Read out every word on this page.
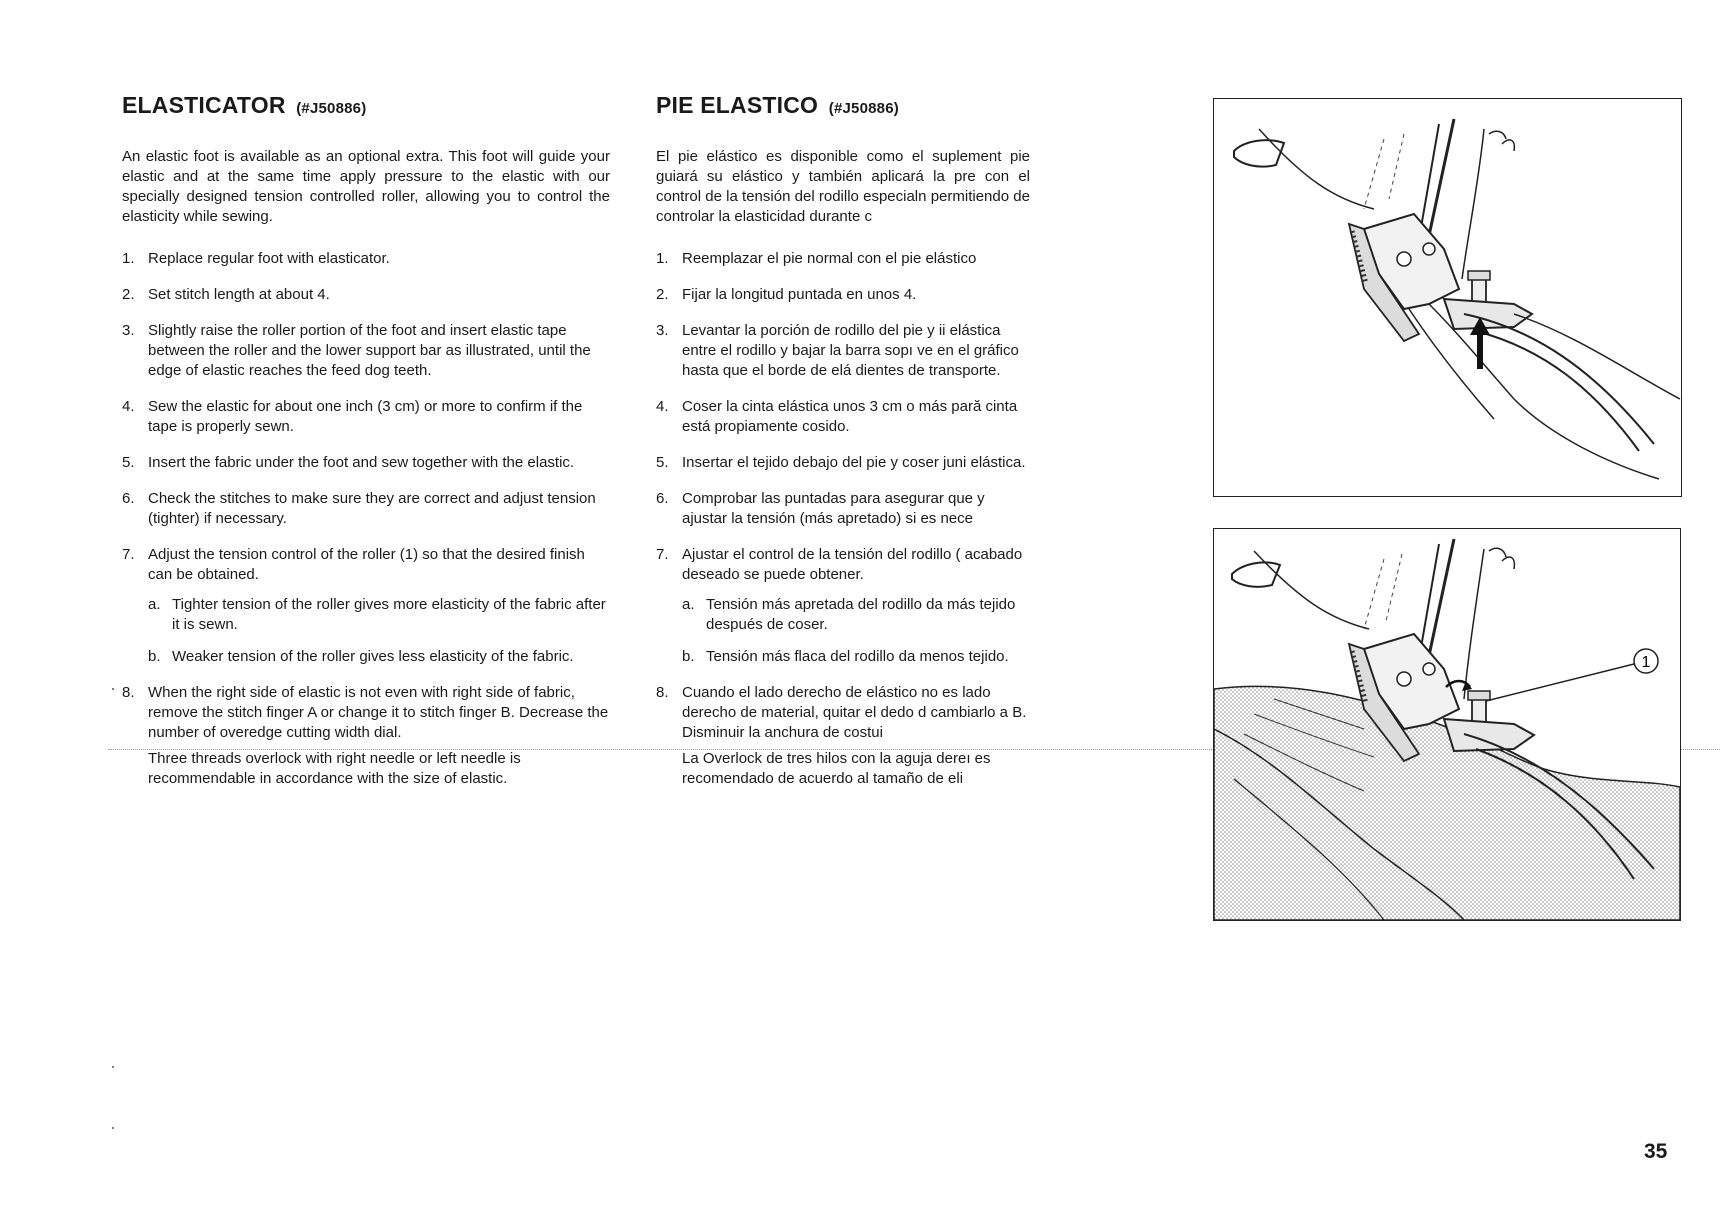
ELASTICATOR (#J50886)

An elastic foot is available as an optional extra. This foot will guide your elastic and at the same time apply pressure to the elastic with our specially designed tension controlled roller, allowing you to control the elasticity while sewing.

1. Replace regular foot with elasticator.
2. Set stitch length at about 4.
3. Slightly raise the roller portion of the foot and insert elastic tape between the roller and the lower support bar as illustrated, until the edge of elastic reaches the feed dog teeth.
4. Sew the elastic for about one inch (3 cm) or more to confirm if the tape is properly sewn.
5. Insert the fabric under the foot and sew together with the elastic.
6. Check the stitches to make sure they are correct and adjust tension (tighter) if necessary.
7. Adjust the tension control of the roller (1) so that the desired finish can be obtained.
a. Tighter tension of the roller gives more elasticity of the fabric after it is sewn.
b. Weaker tension of the roller gives less elasticity of the fabric.
8. When the right side of elastic is not even with right side of fabric, remove the stitch finger A or change it to stitch finger B. Decrease the number of overedge cutting width dial.
Three threads overlock with right needle or left needle is recommendable in accordance with the size of elastic.
PIE ELASTICO (#J50886)

El pie elástico es disponible como el suplement pie guiará su elástico y también aplicará la pre con el control de la tensión del rodillo especialn permitiendo de controlar la elasticidad durante c

1. Reemplazar el pie normal con el pie elástico
2. Fijar la longitud puntada en unos 4.
3. Levantar la porción de rodillo del pie y ii elástica entre el rodillo y bajar la barra sopı ve en el gráfico hasta que el borde de elá dientes de transporte.
4. Coser la cinta elástica unos 3 cm o más pară cinta está propiamente cosido.
5. Insertar el tejido debajo del pie y coser juni elástica.
6. Comprobar las puntadas para asegurar que y ajustar la tensión (más apretado) si es nece
7. Ajustar el control de la tensión del rodillo ( acabado deseado se puede obtener.
a. Tensión más apretada del rodillo da más tejido después de coser.
b. Tensión más flaca del rodillo da menos tejido.
8. Cuando el lado derecho de elástico no es lado derecho de material, quitar el dedo d cambiarlo a B. Disminuir la anchura de costui
La Overlock de tres hilos con la aguja dereı es recomendado de acuerdo al tamaño de eli
1
35
